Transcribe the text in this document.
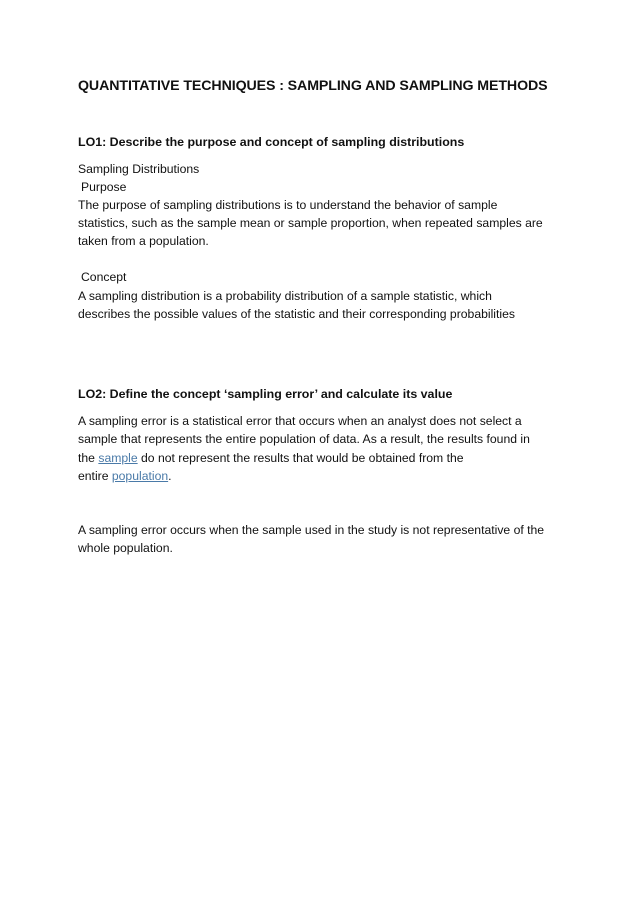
QUANTITATIVE TECHNIQUES : SAMPLING AND SAMPLING METHODS
LO1: Describe the purpose and concept of sampling distributions
Sampling Distributions
Purpose
The purpose of sampling distributions is to understand the behavior of sample
statistics, such as the sample mean or sample proportion, when repeated samples are
taken from a population.
Concept
A sampling distribution is a probability distribution of a sample statistic, which
describes the possible values of the statistic and their corresponding probabilities
LO2: Define the concept ‘sampling error’ and calculate its value
A sampling error is a statistical error that occurs when an analyst does not select a
sample that represents the entire population of data. As a result, the results found in
the sample do not represent the results that would be obtained from the
entire population.
A sampling error occurs when the sample used in the study is not representative of the
whole population.
